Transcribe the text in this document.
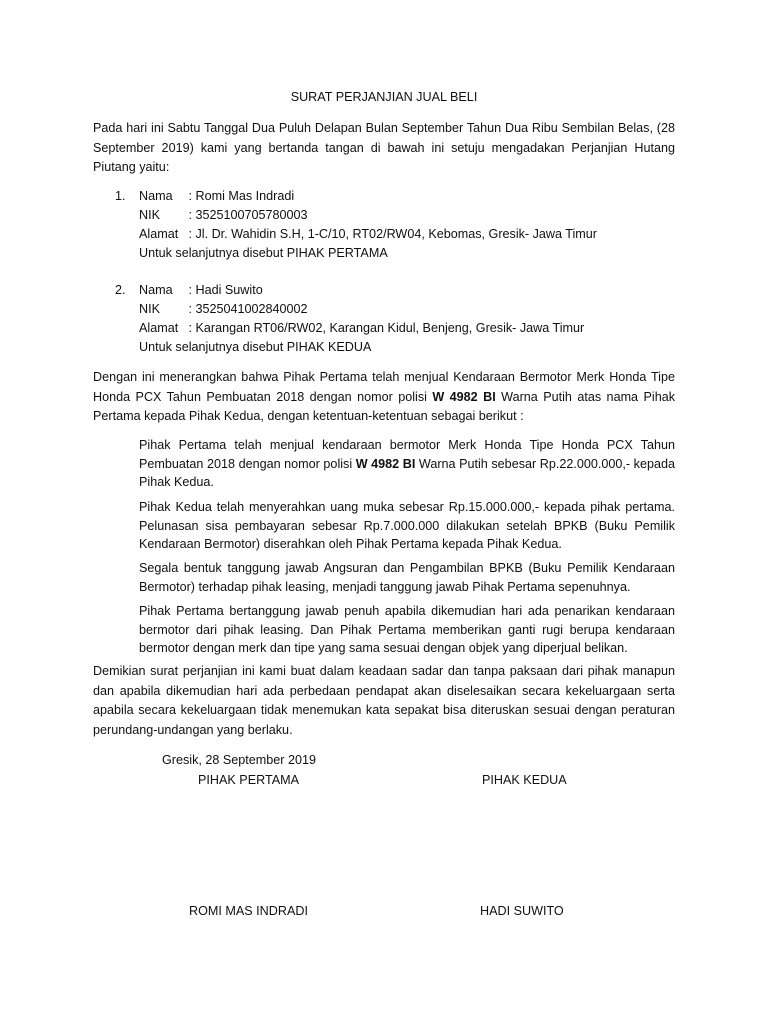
SURAT PERJANJIAN JUAL BELI
Pada hari ini Sabtu Tanggal Dua Puluh Delapan Bulan September Tahun Dua Ribu Sembilan Belas, (28 September 2019) kami yang bertanda tangan di bawah ini setuju mengadakan Perjanjian Hutang Piutang yaitu:
1. Nama : Romi Mas Indradi
NIK : 3525100705780003
Alamat : Jl. Dr. Wahidin S.H, 1-C/10, RT02/RW04, Kebomas, Gresik- Jawa Timur
Untuk selanjutnya disebut PIHAK PERTAMA
2. Nama : Hadi Suwito
NIK : 3525041002840002
Alamat : Karangan RT06/RW02, Karangan Kidul, Benjeng, Gresik- Jawa Timur
Untuk selanjutnya disebut PIHAK KEDUA
Dengan ini menerangkan bahwa Pihak Pertama telah menjual Kendaraan Bermotor Merk Honda Tipe Honda PCX Tahun Pembuatan 2018 dengan nomor polisi W 4982 BI Warna Putih atas nama Pihak Pertama kepada Pihak Kedua, dengan ketentuan-ketentuan sebagai berikut :
Pihak Pertama telah menjual kendaraan bermotor Merk Honda Tipe Honda PCX Tahun Pembuatan 2018 dengan nomor polisi W 4982 BI Warna Putih sebesar Rp.22.000.000,- kepada Pihak Kedua.
Pihak Kedua telah menyerahkan uang muka sebesar Rp.15.000.000,- kepada pihak pertama. Pelunasan sisa pembayaran sebesar Rp.7.000.000 dilakukan setelah BPKB (Buku Pemilik Kendaraan Bermotor) diserahkan oleh Pihak Pertama kepada Pihak Kedua.
Segala bentuk tanggung jawab Angsuran dan Pengambilan BPKB (Buku Pemilik Kendaraan Bermotor) terhadap pihak leasing, menjadi tanggung jawab Pihak Pertama sepenuhnya.
Pihak Pertama bertanggung jawab penuh apabila dikemudian hari ada penarikan kendaraan bermotor dari pihak leasing. Dan Pihak Pertama memberikan ganti rugi berupa kendaraan bermotor dengan merk dan tipe yang sama sesuai dengan objek yang diperjual belikan.
Demikian surat perjanjian ini kami buat dalam keadaan sadar dan tanpa paksaan dari pihak manapun dan apabila dikemudian hari ada perbedaan pendapat akan diselesaikan secara kekeluargaan serta apabila secara kekeluargaan tidak menemukan kata sepakat bisa diteruskan sesuai dengan peraturan perundang-undangan yang berlaku.
Gresik, 28 September 2019
PIHAK PERTAMA	PIHAK KEDUA
ROMI MAS INDRADI	HADI SUWITO
